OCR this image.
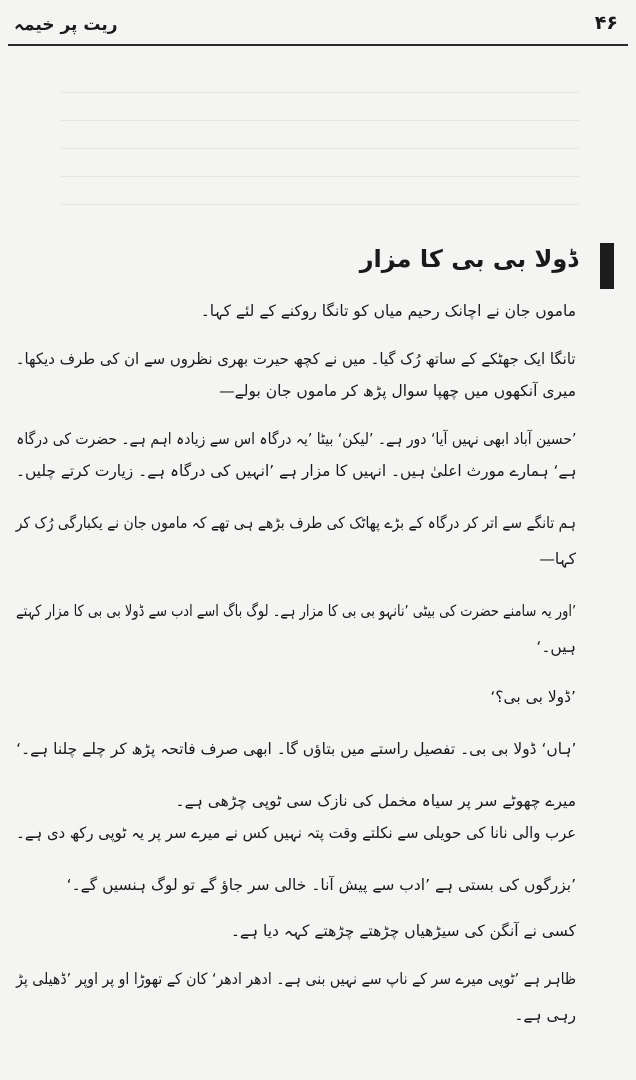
ریت پر خیمہ	۴۶
ڈولا بی بی کا مزار
ماموں جان نے اچانک رحیم میاں کو تانگا روکنے کے لئے کہا۔
تانگا ایک جھٹکے کے ساتھ رُک گیا۔ میں نے کچھ حیرت بھری نظروں سے ان کی طرف دیکھا۔
میری آنکھوں میں چھپا سوال پڑھ کر ماموں جان بولے—
’حسین آباد ابھی نہیں آیا‘ دور ہے۔ ’لیکن‘ بیٹا ’یہ درگاہ اس سے زیادہ اہم ہے۔ حضرت کی درگاہ
ہے‘ ہمارے مورث اعلیٰ ہیں۔ انہیں کا مزار ہے ’انہیں کی درگاہ ہے۔ زیارت کرتے چلیں۔
ہم تانگے سے اتر کر درگاہ کے بڑے پھاٹک کی طرف بڑھے ہی تھے کہ ماموں جان نے یکبارگی رُک کر
کہا—
’اور یہ سامنے حضرت کی بیٹی ’نانہو بی بی کا مزار ہے۔ لوگ باگ اسے ادب سے ڈولا بی بی کا مزار کہتے
ہیں۔‘
’ڈولا بی بی؟‘
’ہاں‘ ڈولا بی بی۔ تفصیل راستے میں بتاؤں گا۔ ابھی صرف فاتحہ پڑھ کر چلے چلنا ہے۔‘
میرے چھوٹے سر پر سیاہ مخمل کی نازک سی ٹوپی چڑھی ہے۔
عرب والی نانا کی حویلی سے نکلتے وقت پتہ نہیں کس نے میرے سر پر یہ ٹوپی رکھ دی ہے۔
’بزرگوں کی بستی ہے ’ادب سے پیش آنا۔ خالی سر جاؤ گے تو لوگ ہنسیں گے۔‘
کسی نے آنگن کی سیڑھیاں چڑھتے چڑھتے کہہ دیا ہے۔
ظاہر ہے ’ٹوپی میرے سر کے ناپ سے نہیں بنی ہے۔ ادھر ادھر‘ کان کے تھوڑا او پر اوپر ’ڈھیلی پڑ
رہی ہے۔
